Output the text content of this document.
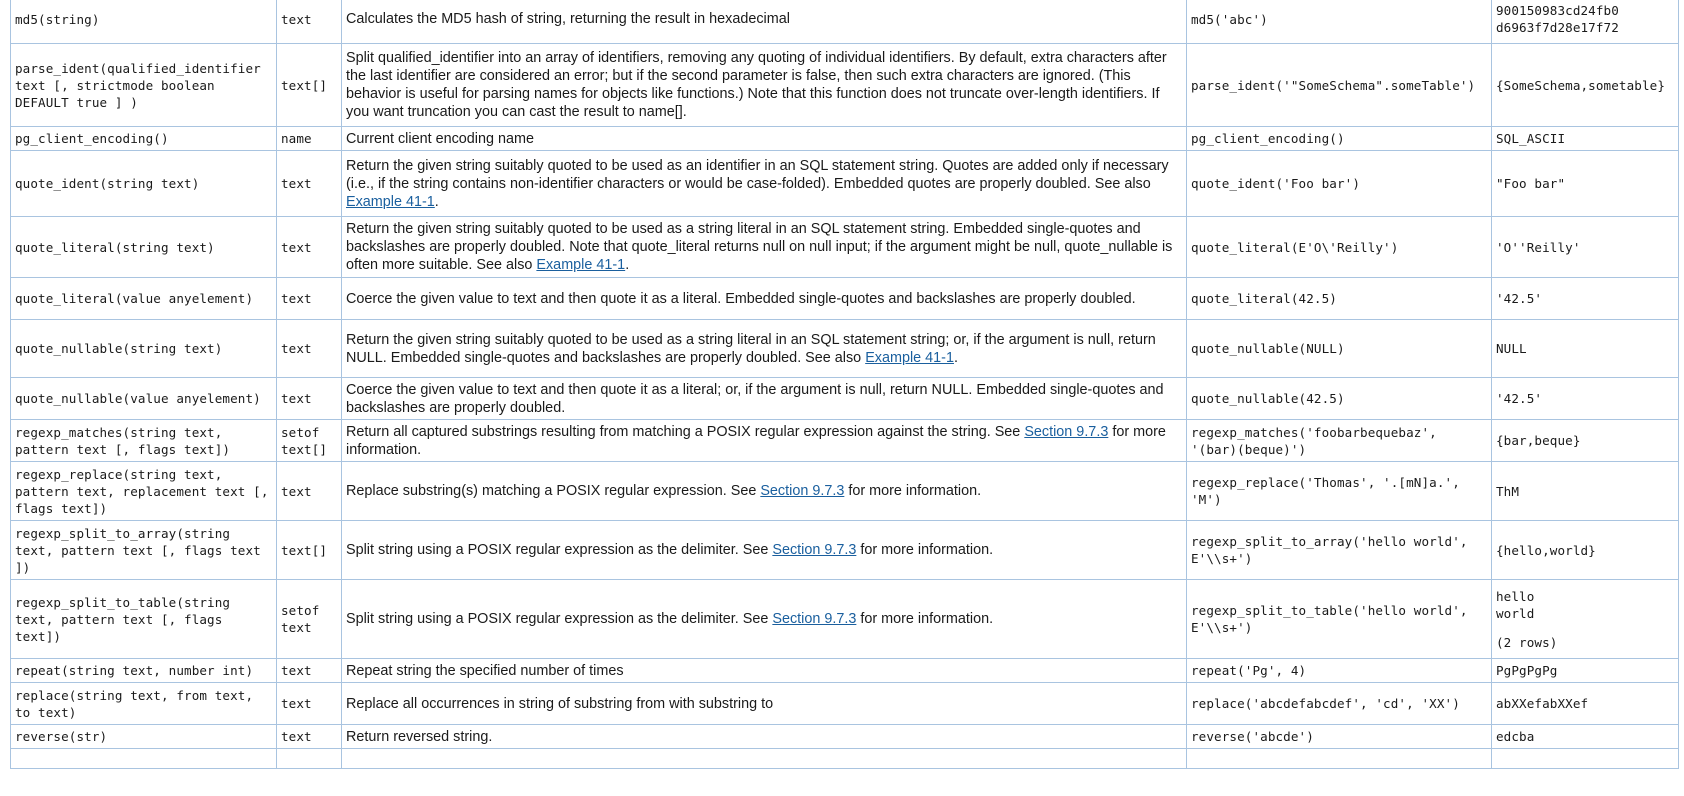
md5(string)	text	Calculates the MD5 hash of string, returning the result in hexadecimal	md5('abc')	900150983cd24fb0
d6963f7d28e17f72
parse_ident(qualified_identifier text [, strictmode boolean DEFAULT true ] )	text[]	Split qualified_identifier into an array of identifiers, removing any quoting of individual identifiers. By default, extra characters after the last identifier are considered an error; but if the second parameter is false, then such extra characters are ignored. (This behavior is useful for parsing names for objects like functions.) Note that this function does not truncate over-length identifiers. If you want truncation you can cast the result to name[].	parse_ident('"SomeSchema".someTable')	{SomeSchema,sometable}
pg_client_encoding()	name	Current client encoding name	pg_client_encoding()	SQL_ASCII
quote_ident(string text)	text	Return the given string suitably quoted to be used as an identifier in an SQL statement string. Quotes are added only if necessary (i.e., if the string contains non-identifier characters or would be case-folded). Embedded quotes are properly doubled. See also Example 41-1.	quote_ident('Foo bar')	"Foo bar"
quote_literal(string text)	text	Return the given string suitably quoted to be used as a string literal in an SQL statement string. Embedded single-quotes and backslashes are properly doubled. Note that quote_literal returns null on null input; if the argument might be null, quote_nullable is often more suitable. See also Example 41-1.	quote_literal(E'O\'Reilly')	'O''Reilly'
quote_literal(value anyelement)	text	Coerce the given value to text and then quote it as a literal. Embedded single-quotes and backslashes are properly doubled.	quote_literal(42.5)	'42.5'
quote_nullable(string text)	text	Return the given string suitably quoted to be used as a string literal in an SQL statement string; or, if the argument is null, return NULL. Embedded single-quotes and backslashes are properly doubled. See also Example 41-1.	quote_nullable(NULL)	NULL
quote_nullable(value anyelement)	text	Coerce the given value to text and then quote it as a literal; or, if the argument is null, return NULL. Embedded single-quotes and backslashes are properly doubled.	quote_nullable(42.5)	'42.5'
regexp_matches(string text, pattern text [, flags text])	setof text[]	Return all captured substrings resulting from matching a POSIX regular expression against the string. See Section 9.7.3 for more information.	regexp_matches('foobarbequebaz', '(bar)(beque)')	{bar,beque}
regexp_replace(string text, pattern text, replacement text [, flags text])	text	Replace substring(s) matching a POSIX regular expression. See Section 9.7.3 for more information.	regexp_replace('Thomas', '.[mN]a.', 'M')	ThM
regexp_split_to_array(string text, pattern text [, flags text ])	text[]	Split string using a POSIX regular expression as the delimiter. See Section 9.7.3 for more information.	regexp_split_to_array('hello world', E'\\s+')	{hello,world}
regexp_split_to_table(string text, pattern text [, flags text])	setof text	Split string using a POSIX regular expression as the delimiter. See Section 9.7.3 for more information.	regexp_split_to_table('hello world', E'\\s+')	hello
world
(2 rows)
repeat(string text, number int)	text	Repeat string the specified number of times	repeat('Pg', 4)	PgPgPgPg
replace(string text, from text, to text)	text	Replace all occurrences in string of substring from with substring to	replace('abcdefabcdef', 'cd', 'XX')	abXXefabXXef
reverse(str)	text	Return reversed string.	reverse('abcde')	edcba
